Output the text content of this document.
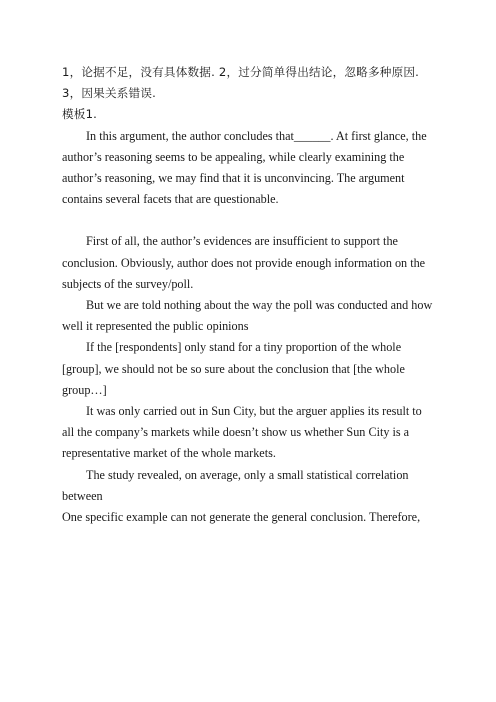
1，论据不足，没有具体数据. 2，过分简单得出结论，忽略多种原因. 3，因果关系错误.

模板1.

In this argument, the author concludes that______. At first glance, the author’s reasoning seems to be appealing, while clearly examining the author’s reasoning, we may find that it is unconvincing. The argument contains several facets that are questionable.

First of all, the author’s evidences are insufficient to support the conclusion. Obviously, author does not provide enough information on the subjects of the survey/poll.

But we are told nothing about the way the poll was conducted and how well it represented the public opinions

If the [respondents] only stand for a tiny proportion of the whole [group], we should not be so sure about the conclusion that [the whole group…]

It was only carried out in Sun City, but the arguer applies its result to all the company’s markets while doesn’t show us whether Sun City is a representative market of the whole markets.

The study revealed, on average, only a small statistical correlation between

One specific example can not generate the general conclusion. Therefore,
